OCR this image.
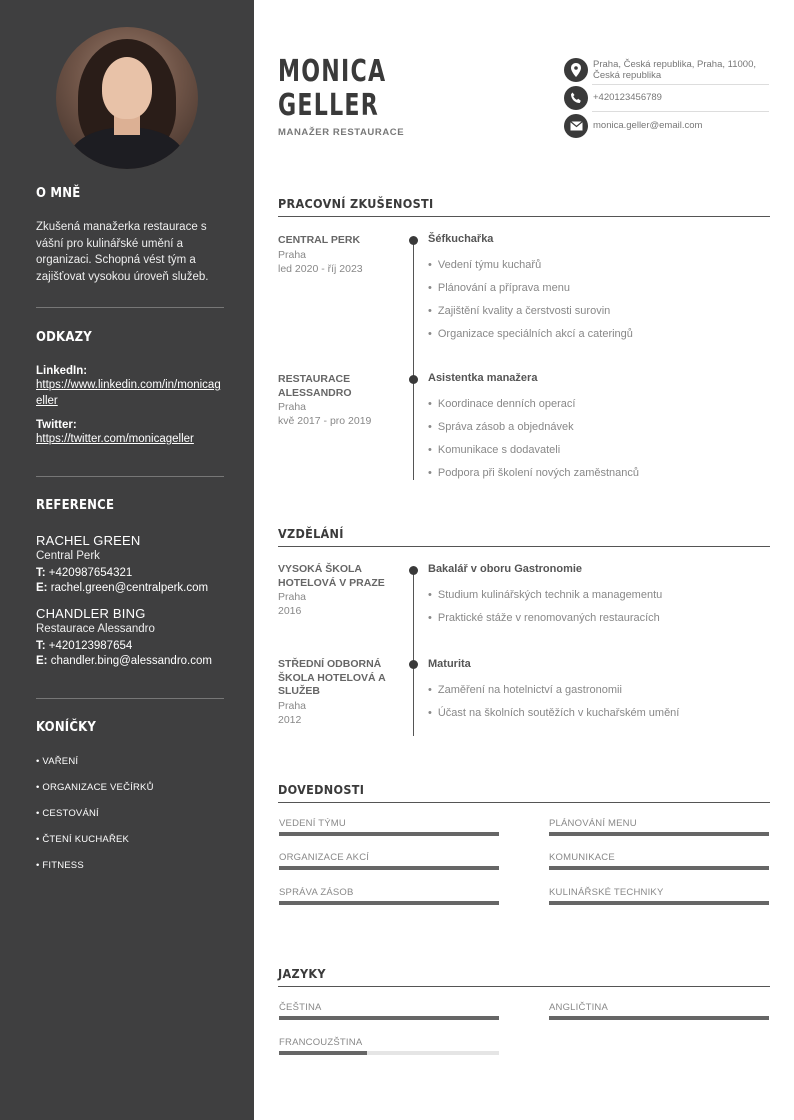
O MNĚ
Zkušená manažerka restaurace s vášní pro kulinářské umění a organizaci. Schopná vést tým a zajišťovat vysokou úroveň služeb.
ODKAZY
LinkedIn:
https://www.linkedin.com/in/monicageller
Twitter:
https://twitter.com/monicageller
REFERENCE
RACHEL GREEN
Central Perk
T: +420987654321
E: rachel.green@centralperk.com
CHANDLER BING
Restaurace Alessandro
T: +420123987654
E: chandler.bing@alessandro.com
KONÍČKY
• VAŘENÍ
• ORGANIZACE VEČÍRKŮ
• CESTOVÁNÍ
• ČTENÍ KUCHAŘEK
• FITNESS
MONICA
GELLER
MANAŽER RESTAURACE
Praha, Česká republika, Praha, 11000, Česká republika
+420123456789
monica.geller@email.com
PRACOVNÍ ZKUŠENOSTI
CENTRAL PERK
Praha
led 2020 - říj 2023
Šéfkuchařka
• Vedení týmu kuchařů
• Plánování a příprava menu
• Zajištění kvality a čerstvosti surovin
• Organizace speciálních akcí a cateringů
RESTAURACE ALESSANDRO
Praha
kvě 2017 - pro 2019
Asistentka manažera
• Koordinace denních operací
• Správa zásob a objednávek
• Komunikace s dodavateli
• Podpora při školení nových zaměstnanců
VZDĚLÁNÍ
VYSOKÁ ŠKOLA HOTELOVÁ V PRAZE
Praha
2016
Bakalář v oboru Gastronomie
• Studium kulinářských technik a managementu
• Praktické stáže v renomovaných restauracích
STŘEDNÍ ODBORNÁ ŠKOLA HOTELOVÁ A SLUŽEB
Praha
2012
Maturita
• Zaměření na hotelnictví a gastronomii
• Účast na školních soutěžích v kuchařském umění
DOVEDNOSTI
VEDENÍ TÝMU	PLÁNOVÁNÍ MENU
ORGANIZACE AKCÍ	KOMUNIKACE
SPRÁVA ZÁSOB	KULINÁŘSKÉ TECHNIKY
JAZYKY
ČEŠTINA	ANGLIČTINA
FRANCOUZŠTINA
